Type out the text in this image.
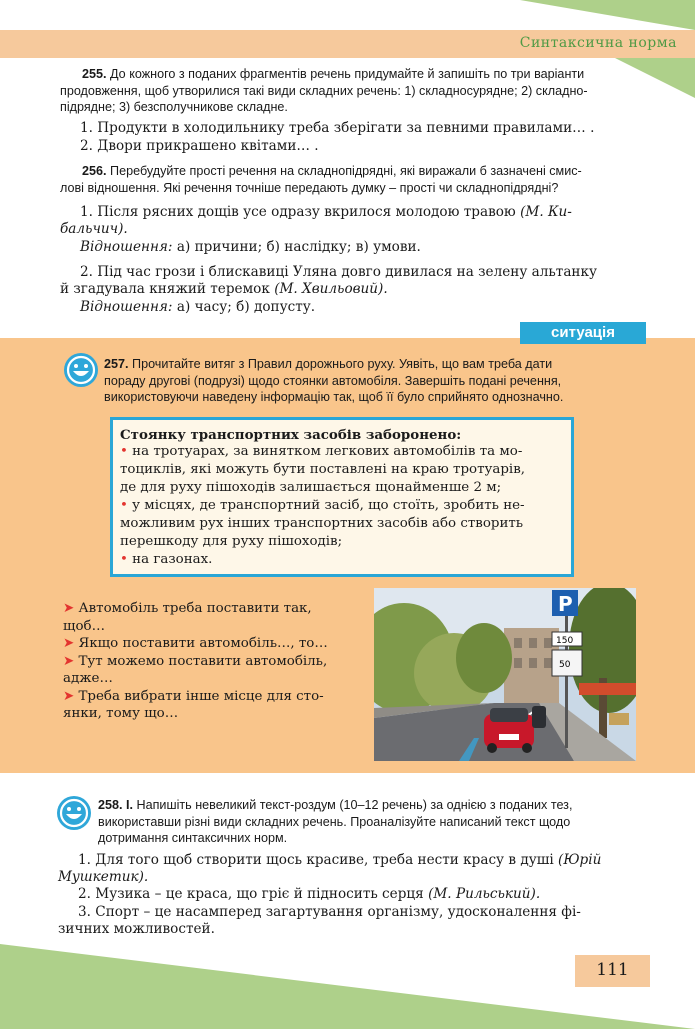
Синтаксична норма
255. До кожного з поданих фрагментів речень придумайте й запишіть по три варіанти
продовження, щоб утворилися такі види складних речень: 1) складносурядне; 2) складно-
підрядне; 3) безсполучникове складне.
1. Продукти в холодильнику треба зберігати за певними правилами… .
2. Двори прикрашено квітами… .
256. Перебудуйте прості речення на складнопідрядні, які виражали б зазначені смис-
лові відношення. Які речення точніше передають думку – прості чи складнопідрядні?
1. Після рясних дощів усе одразу вкрилося молодою травою (М. Ки-
бальчич).
Відношення: а) причини; б) наслідку; в) умови.
2. Під час грози і блискавиці Уляна довго дивилася на зелену альтанку
й згадувала княжий теремок (М. Хвильовий).
Відношення: а) часу; б) допусту.
ситуація
257. Прочитайте витяг з Правил дорожнього руху. Уявіть, що вам треба дати
пораду другові (подрузі) щодо стоянки автомобіля. Завершіть подані речення,
використовуючи наведену інформацію так, щоб її було сприйнято однозначно.
Стоянку транспортних засобів заборонено:
• на тротуарах, за винятком легкових автомобілів та мо-
тоциклів, які можуть бути поставлені на краю тротуарів,
де для руху пішоходів залишається щонайменше 2 м;
• у місцях, де транспортний засіб, що стоїть, зробить не-
можливим рух інших транспортних засобів або створить
перешкоду для руху пішоходів;
• на газонах.
➤ Автомобіль треба поставити так,
щоб…
➤ Якщо поставити автомобіль…, то…
➤ Тут можемо поставити автомобіль,
адже…
➤ Треба вибрати інше місце для сто-
янки, тому що…
P
150
50
258. I. Напишіть невеликий текст-роздум (10–12 речень) за однією з поданих тез,
використавши різні види складних речень. Проаналізуйте написаний текст щодо
дотримання синтаксичних норм.
1. Для того щоб створити щось красиве, треба нести красу в душі (Юрій
Мушкетик).
2. Музика – це краса, що гріє й підносить серця (М. Рильський).
3. Спорт – це насамперед загартування організму, удосконалення фі-
зичних можливостей.
111
